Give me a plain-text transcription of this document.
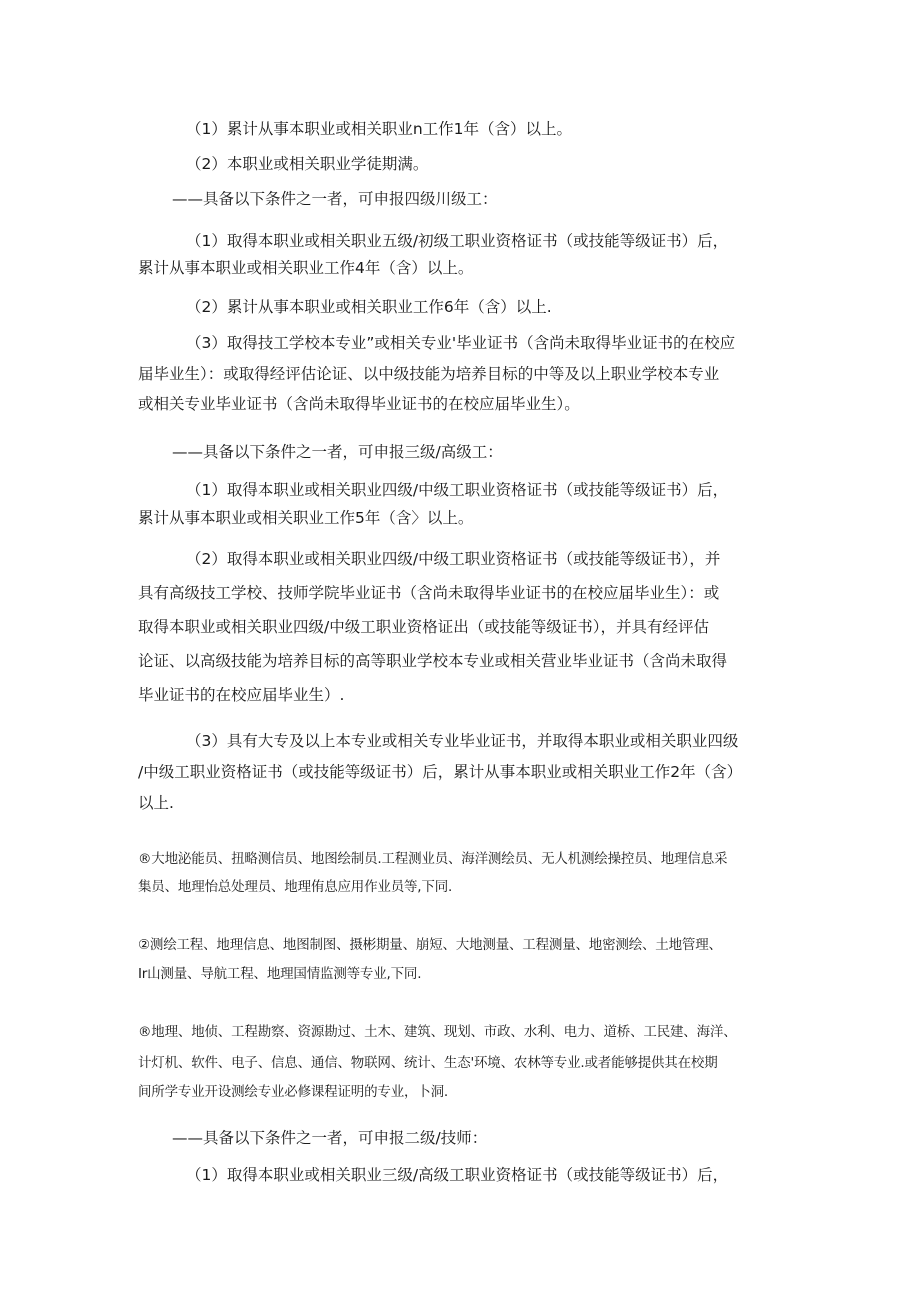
（1）累计从事本职业或相关职业n工作1年（含）以上。
（2）本职业或相关职业学徒期满。
——具备以下条件之一者，可申报四级川级工：
（1）取得本职业或相关职业五级/初级工职业资格证书（或技能等级证书）后，
累计从事本职业或相关职业工作4年（含）以上。
（2）累计从事本职业或相关职业工作6年（含）以上.
（3）取得技工学校本专业”或相关专业'毕业证书（含尚未取得毕业证书的在校应
届毕业生）：或取得经评估论证、以中级技能为培养目标的中等及以上职业学校本专业
或相关专业毕业证书（含尚未取得毕业证书的在校应届毕业生）。
——具备以下条件之一者，可申报三级/高级工：
（1）取得本职业或相关职业四级/中级工职业资格证书（或技能等级证书）后，
累计从事本职业或相关职业工作5年（含〉以上。
（2）取得本职业或相关职业四级/中级工职业资格证书（或技能等级证书），并
具有高级技工学校、技师学院毕业证书（含尚未取得毕业证书的在校应届毕业生）：或
取得本职业或相关职业四级/中级工职业资格证出（或技能等级证书），并具有经评估
论证、以高级技能为培养目标的高等职业学校本专业或相关营业毕业证书（含尚未取得
毕业证书的在校应届毕业生）.
（3）具有大专及以上本专业或相关专业毕业证书，并取得本职业或相关职业四级
/中级工职业资格证书（或技能等级证书）后，累计从事本职业或相关职业工作2年（含）
以上.
®大地泌能员、扭略测信员、地图绘制员.工程测业员、海洋测绘员、无人机测绘操控员、地理信息采
集员、地理怡总处理员、地理侑息应用作业员等,下同.
②测绘工程、地理信息、地图制图、摄彬期量、崩短、大地测量、工程测量、地密测绘、土地管理、
Ir山测量、导航工程、地理国情监测等专业,下同.
®地理、地侦、工程勘察、资源勘过、土木、建筑、现划、市政、水利、电力、道桥、工民建、海洋、
计灯机、软件、电子、信息、通信、物联网、统计、生态'环境、农林等专业.或者能够提供其在校期
间所学专业开设测绘专业必修课程证明的专业，卜洞.
——具备以下条件之一者，可申报二级/技师：
（1）取得本职业或相关职业三级/高级工职业资格证书（或技能等级证书）后，
